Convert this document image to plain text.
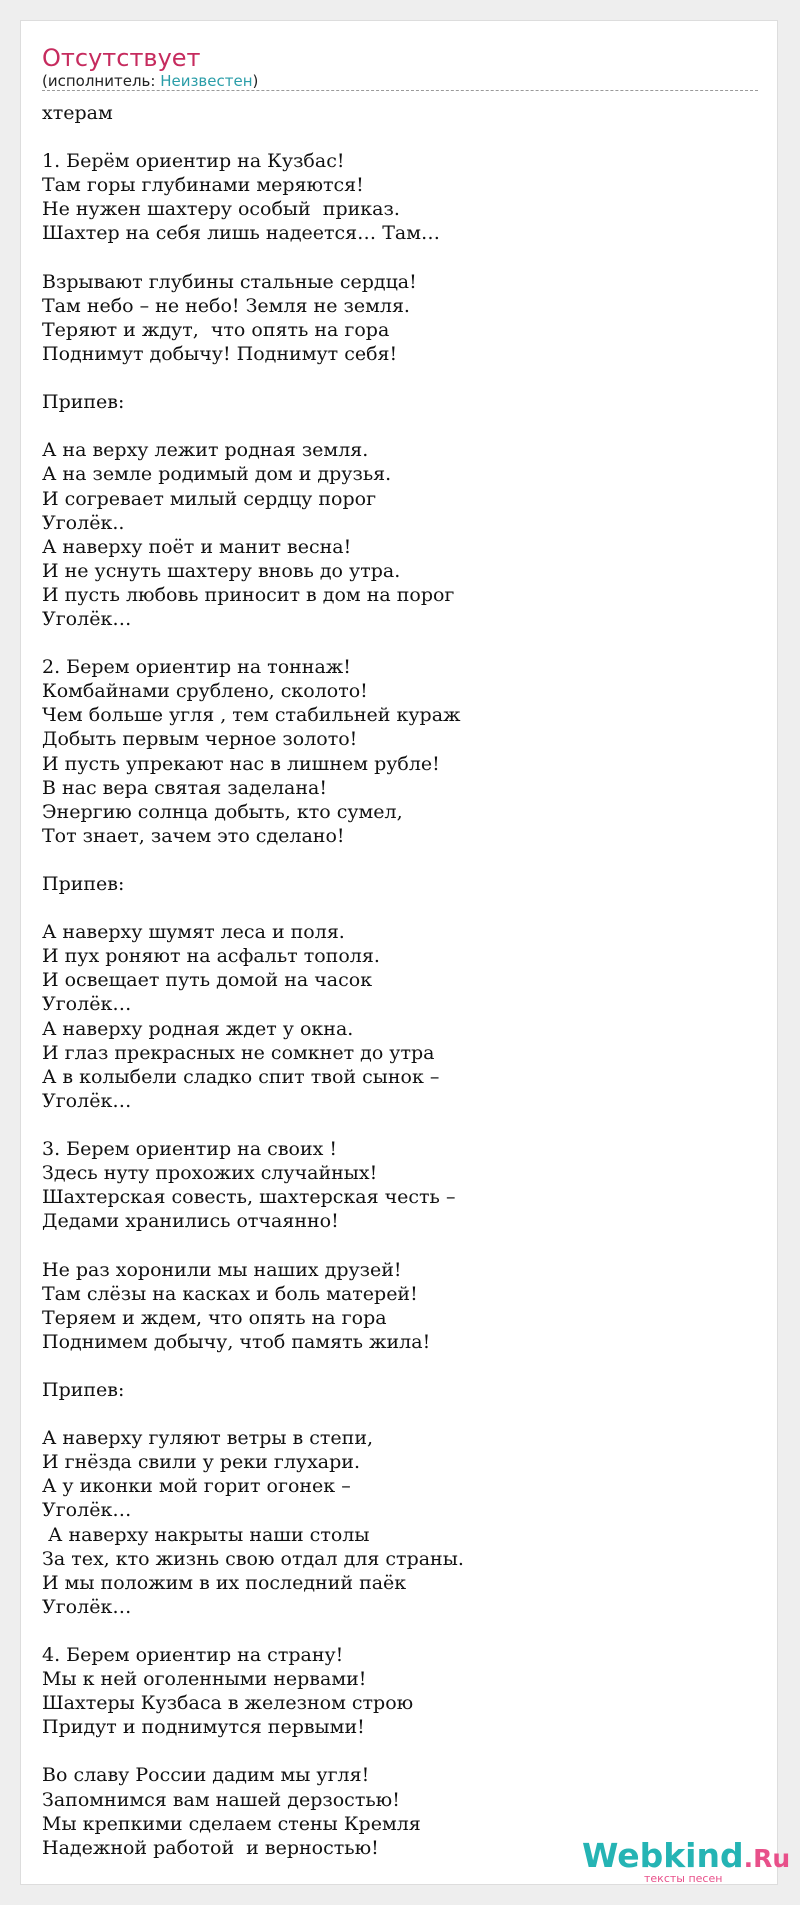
Отсутствует
(исполнитель: Неизвестен)
хтерам
1. Берём ориентир на Кузбас!
Там горы глубинами меряются!
Не нужен шахтеру особый  приказ.
Шахтер на себя лишь надеется… Там…
Взрывают глубины стальные сердца!
Там небо – не небо! Земля не земля.
Теряют и ждут,  что опять на гора
Поднимут добычу! Поднимут себя!
Припев:
А на верху лежит родная земля.
А на земле родимый дом и друзья.
И согревает милый сердцу порог
Уголёк..
А наверху поёт и манит весна!
И не уснуть шахтеру вновь до утра.
И пусть любовь приносит в дом на порог
Уголёк…
2. Берем ориентир на тоннаж!
Комбайнами срублено, сколото!
Чем больше угля , тем стабильней кураж
Добыть первым черное золото!
И пусть упрекают нас в лишнем рубле!
В нас вера святая заделана!
Энергию солнца добыть, кто сумел,
Тот знает, зачем это сделано!
Припев:
А наверху шумят леса и поля.
И пух роняют на асфальт тополя.
И освещает путь домой на часок
Уголёк…
А наверху родная ждет у окна.
И глаз прекрасных не сомкнет до утра
А в колыбели сладко спит твой сынок –
Уголёк…
3. Берем ориентир на своих !
Здесь нуту прохожих случайных!
Шахтерская совесть, шахтерская честь –
Дедами хранились отчаянно!
Не раз хоронили мы наших друзей!
Там слёзы на касках и боль матерей!
Теряем и ждем, что опять на гора
Поднимем добычу, чтоб память жила!
Припев:
А наверху гуляют ветры в степи,
И гнёзда свили у реки глухари.
А у иконки мой горит огонек –
Уголёк…
А наверху накрыты наши столы
За тех, кто жизнь свою отдал для страны.
И мы положим в их последний паёк
Уголёк…
4. Берем ориентир на страну!
Мы к ней оголенными нервами!
Шахтеры Кузбаса в железном строю
Придут и поднимутся первыми!
Во славу России дадим мы угля!
Запомнимся вам нашей дерзостью!
Мы крепкими сделаем стены Кремля
Надежной работой  и верностью!	Webkind.Ru
тексты песен
